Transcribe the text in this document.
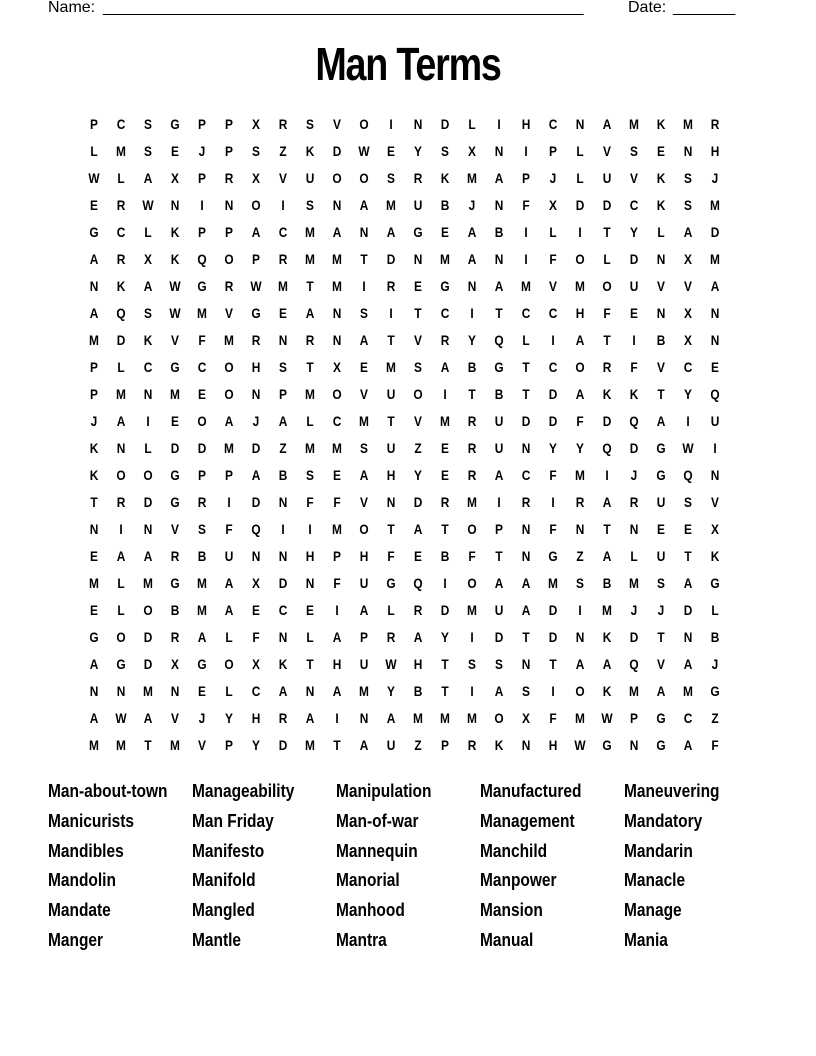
Name: ______________________________________________________	Date: _______
Man Terms
P	C	S	G	P	P	X	R	S	V	O	I	N D	L	I	H C N A M K M R
L	M	S	E	J	P	S	Z	K D W	E	Y	S	X	N	I	P	L	V	S	E	N H
W	L	A	X	P	R	X	V	U O O	S	R K M A	P	J	L	U	V	K	S	J
E	R W N	I	N O	I	S	N A M U B	J	N	F	X	D D C K	S	M
G C	L	K	P	P	A C M A N A G	E	A B	I	L	I	T	Y	L	A D
A R	X	K Q O	P	R M M	T	D N M A N	I	F	O	L	D N	X	M
N K A W G R W M	T	M	I	R	E	G N A M	V	M O U	V	V	A
A Q	S	W M	V	G	E	A N	S	I	T	C	I	T	C C H	F	E	N	X	N
M D K	V	F	M R N R N A	T	V	R	Y	Q	L	I	A	T	I	B	X	N
P	L	C G C O H	S	T	X	E	M	S	A B G	T	C O R	F	V	C	E
P	M N M	E	O N	P	M O	V	U O	I	T	B	T	D A K K	T	Y	Q
J	A	I	E	O A	J	A	L	C M	T	V	M R U D D	F	D Q A	I	U
K N	L	D D M D	Z	M M	S	U	Z	E	R U N	Y	Y	Q D G W	I
K O O G	P	P	A B	S	E	A H	Y	E	R A C	F	M	I	J	G Q N
T	R D G R	I	D N	F	F	V	N D R M	I	R	I	R A R U	S	V
N	I	N	V	S	F	Q	I	I	M O	T	A	T	O	P	N	F	N	T	N	E	E	X
E	A A R B U N N H	P	H	F	E	B	F	T	N G	Z	A	L	U	T	K
M	L	M G M A	X	D N	F	U G Q	I	O A A M	S	B M	S	A G
E	L	O B M A	E	C	E	I	A	L	R D M U A D	I	M	J	J	D	L
G O D R A	L	F	N	L	A	P	R A	Y	I	D	T	D N K D	T	N B
A G D	X	G O	X	K	T	H U W H	T	S	S	N	T	A A Q	V	A	J
N N M N	E	L	C A N A M	Y	B	T	I	A	S	I	O K M A M G
A W A	V	J	Y	H R A	I	N A M M M O	X	F	M W	P	G C	Z
M M	T	M	V	P	Y	D M	T	A U	Z	P	R K N H W G N G A	F
Man-about-town Manageability Manipulation	Manufactured Maneuvering
Manicurists	Man Friday	Man-of-war	Management	Mandatory
Mandibles	Manifesto	Mannequin	Manchild	Mandarin
Mandolin	Manifold	Manorial	Manpower	Manacle
Mandate	Mangled	Manhood	Mansion	Manage
Manger	Mantle	Mantra	Manual	Mania
